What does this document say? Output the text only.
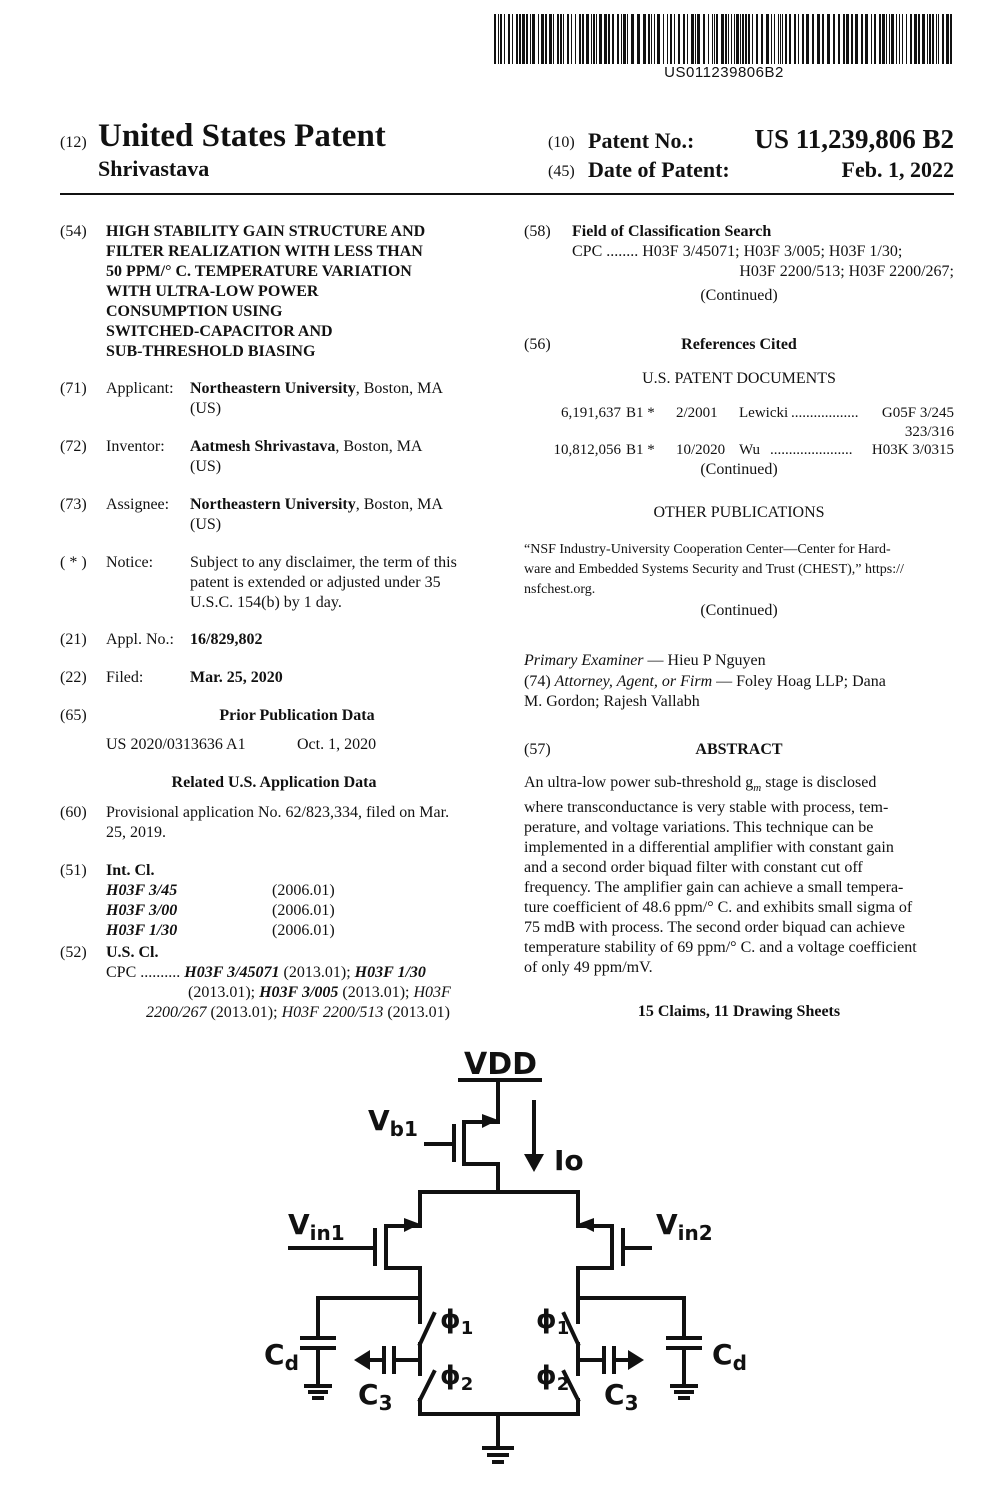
US011239806B2
(12) United States Patent
Shrivastava
(10) Patent No.: US 11,239,806 B2
(45) Date of Patent:	Feb. 1, 2022
(54) HIGH STABILITY GAIN STRUCTURE AND
FILTER REALIZATION WITH LESS THAN
50 PPM/° C. TEMPERATURE VARIATION
WITH ULTRA-LOW POWER
CONSUMPTION USING
SWITCHED-CAPACITOR AND
SUB-THRESHOLD BIASING
(71) Applicant: Northeastern University, Boston, MA
(US)
(72) Inventor: Aatmesh Shrivastava, Boston, MA
(US)
(73) Assignee: Northeastern University, Boston, MA
(US)
( * ) Notice: Subject to any disclaimer, the term of this
patent is extended or adjusted under 35
U.S.C. 154(b) by 1 day.
(21) Appl. No.: 16/829,802
(22) Filed:	Mar. 25, 2020
(65)	Prior Publication Data
US 2020/0313636 A1	Oct. 1, 2020
Related U.S. Application Data
(60) Provisional application No. 62/823,334, filed on Mar.
25, 2019.
(51) Int. Cl.
H03F 3/45	(2006.01)
H03F 3/00	(2006.01)
H03F 1/30	(2006.01)
(52) U.S. Cl.
CPC .......... H03F 3/45071 (2013.01); H03F 1/30
(2013.01); H03F 3/005 (2013.01); H03F
2200/267 (2013.01); H03F 2200/513 (2013.01)
(58) Field of Classification Search
CPC ........ H03F 3/45071; H03F 3/005; H03F 1/30;
H03F 2200/513; H03F 2200/267;
(Continued)
(56)	References Cited
U.S. PATENT DOCUMENTS
6,191,637 B1 * 2/2001 Lewicki .................. G05F 3/245
323/316
10,812,056 B1 * 10/2020 Wu ...................... H03K 3/0315
(Continued)
OTHER PUBLICATIONS
“NSF Industry-University Cooperation Center—Center for Hard-
ware and Embedded Systems Security and Trust (CHEST),” https://
nsfchest.org.
(Continued)
Primary Examiner — Hieu P Nguyen
(74) Attorney, Agent, or Firm — Foley Hoag LLP; Dana
M. Gordon; Rajesh Vallabh
(57)	ABSTRACT
An ultra-low power sub-threshold $g_m$ stage is disclosed
where transconductance is very stable with process, tem-
perature, and voltage variations. This technique can be
implemented in a differential amplifier with constant gain
and a second order biquad filter with constant cut off
frequency. The amplifier gain can achieve a small tempera-
ture coefficient of 48.6 ppm/° C. and exhibits small sigma of
75 mdB with process. The second order biquad can achieve
temperature stability of 69 ppm/° C. and a voltage coefficient
of only 49 ppm/mV.
15 Claims, 11 Drawing Sheets
VDD
$V_{b1}$
Io
$V_{in1}$	$V_{in2}$
$\phi_1$
$\phi_2$
$\phi_1$
$\phi_2$
$C_d$	$C_d$
$C_3$	$C_3$
